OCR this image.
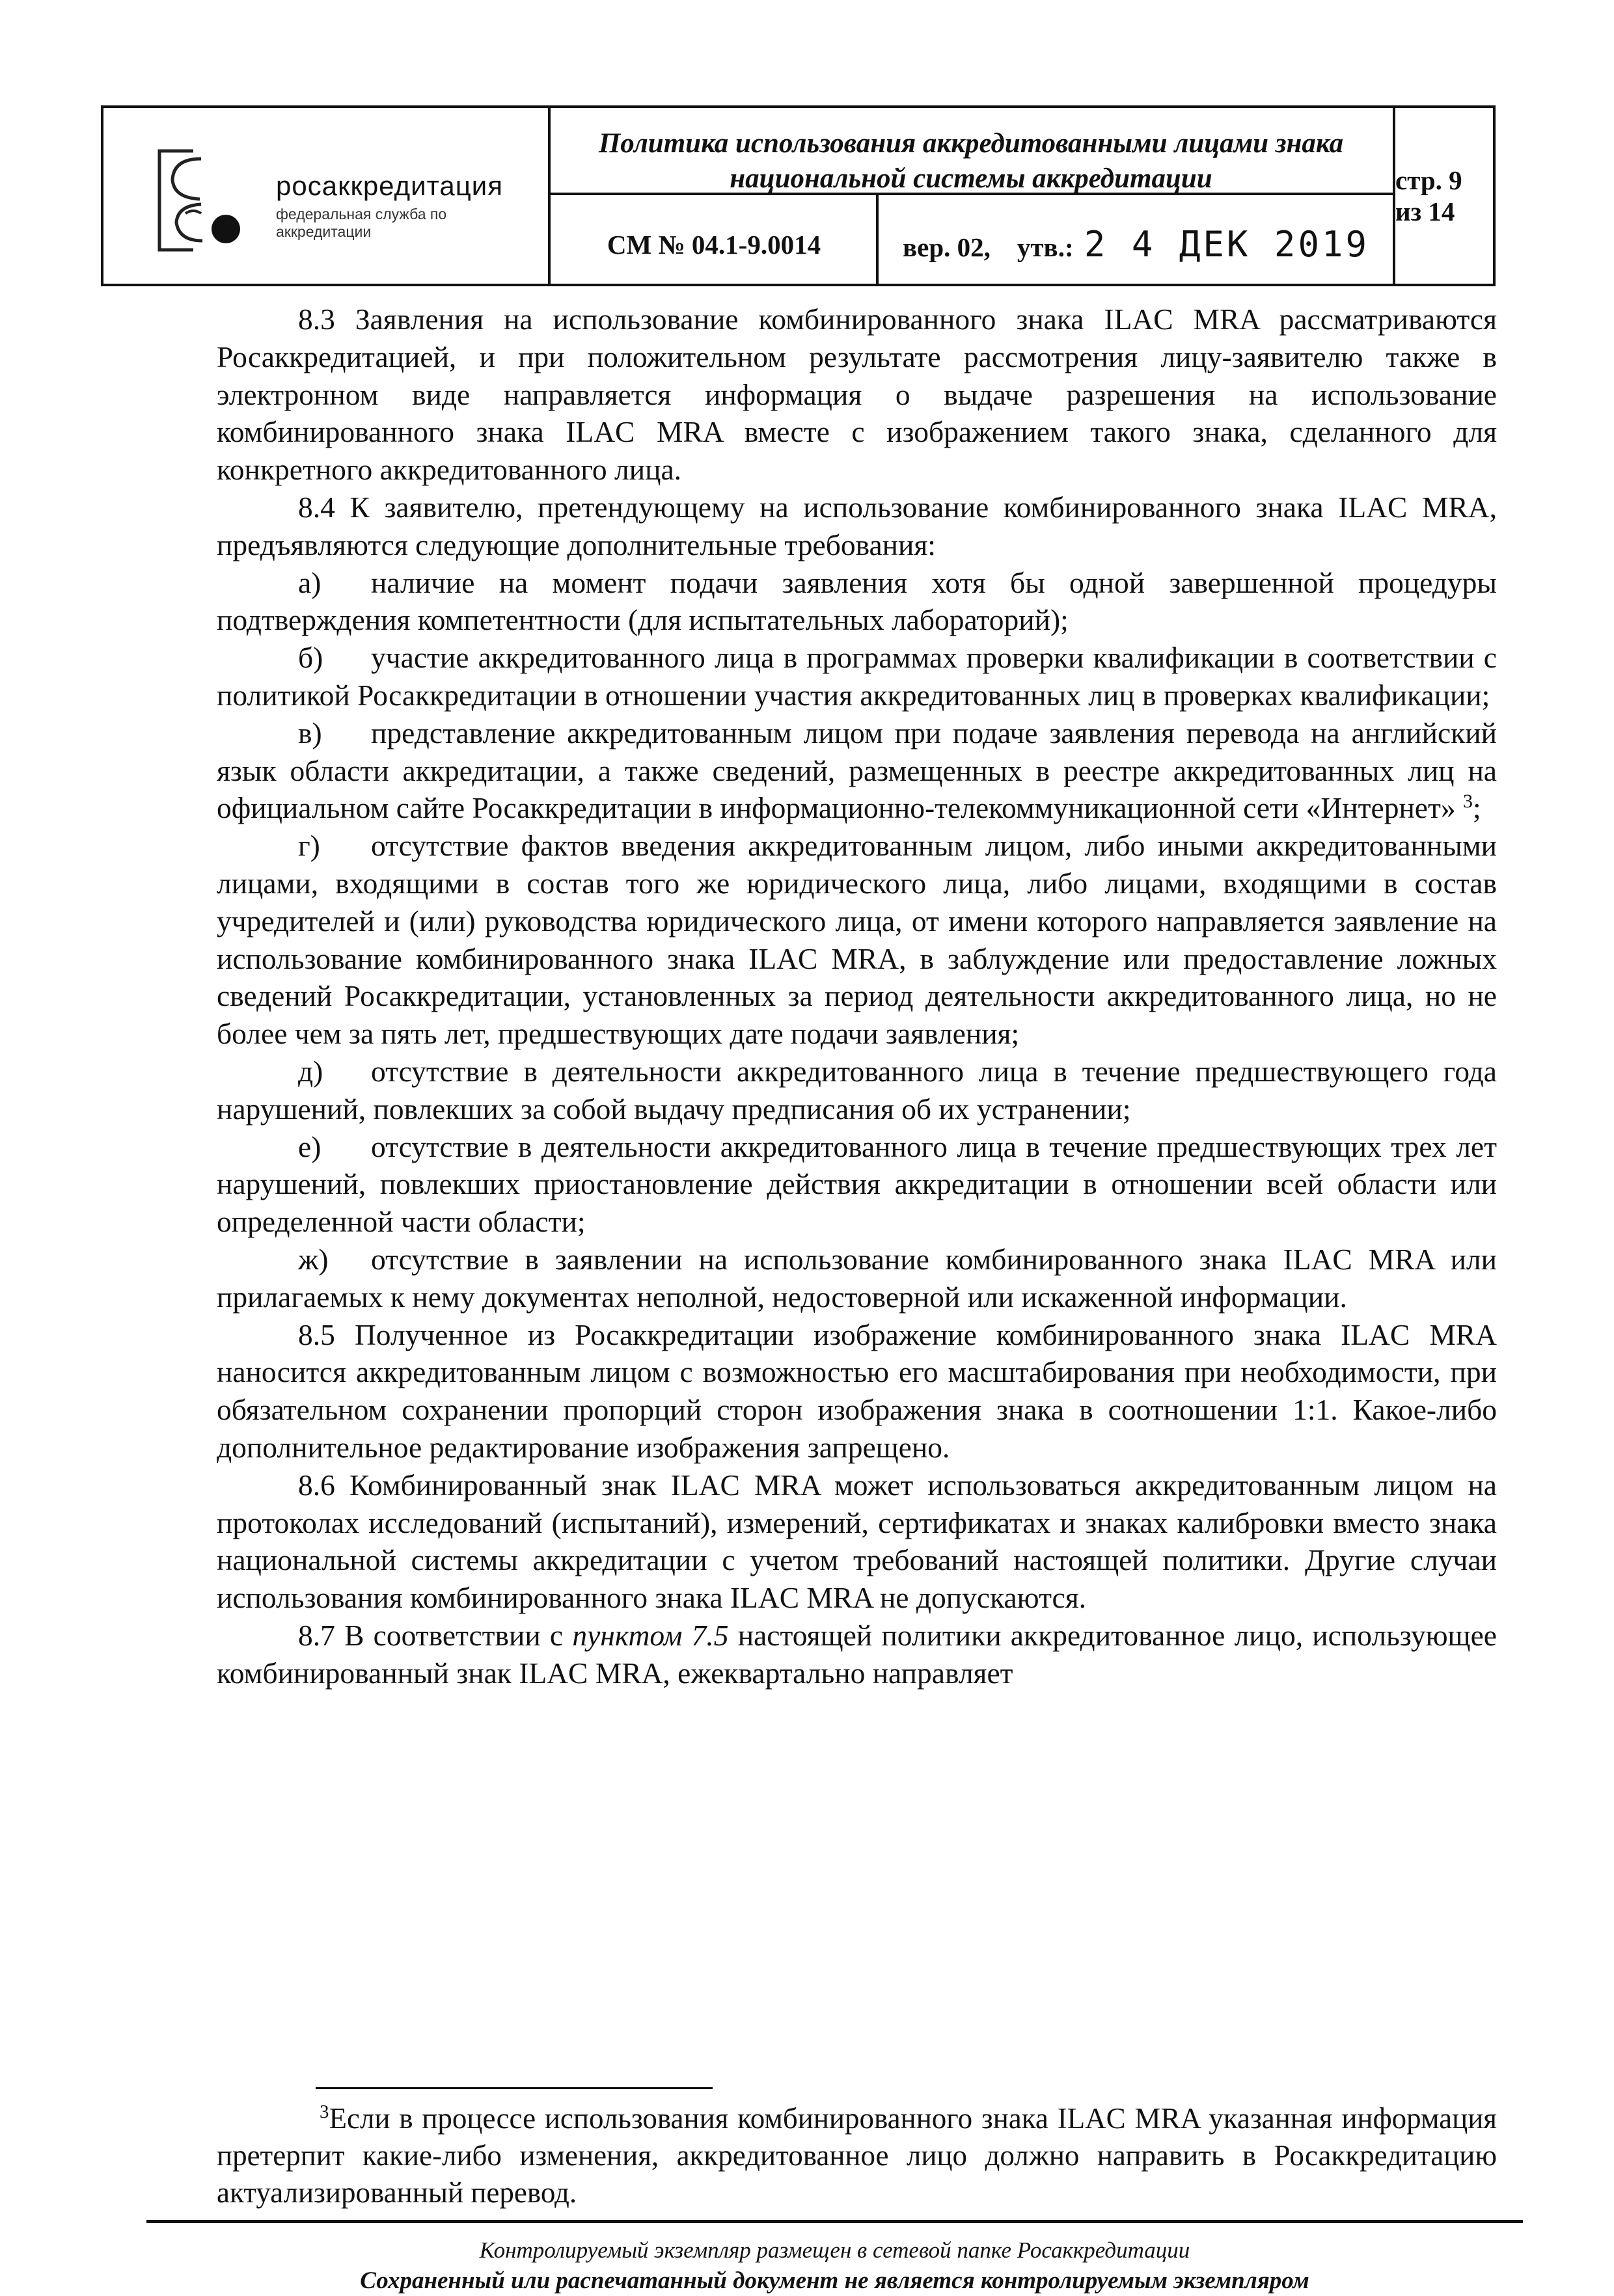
росаккредитация
федеральная служба по аккредитации
Политика использования аккредитованными лицами знака национальной системы аккредитации
СМ № 04.1-9.0014	вер. 02, утв.: 2 4 ДЕК 2019
стр. 9 из 14

8.3 Заявления на использование комбинированного знака ILAC MRA рассматриваются Росаккредитацией, и при положительном результате рассмотрения лицу-заявителю также в электронном виде направляется информация о выдаче разрешения на использование комбинированного знака ILAC MRA вместе с изображением такого знака, сделанного для конкретного аккредитованного лица.

8.4 К заявителю, претендующему на использование комбинированного знака ILAC MRA, предъявляются следующие дополнительные требования:

а) наличие на момент подачи заявления хотя бы одной завершенной процедуры подтверждения компетентности (для испытательных лабораторий);

б) участие аккредитованного лица в программах проверки квалификации в соответствии с политикой Росаккредитации в отношении участия аккредитованных лиц в проверках квалификации;

в) представление аккредитованным лицом при подаче заявления перевода на английский язык области аккредитации, а также сведений, размещенных в реестре аккредитованных лиц на официальном сайте Росаккредитации в информационно-телекоммуникационной сети «Интернет» $^3$;

г) отсутствие фактов введения аккредитованным лицом, либо иными аккредитованными лицами, входящими в состав того же юридического лица, либо лицами, входящими в состав учредителей и (или) руководства юридического лица, от имени которого направляется заявление на использование комбинированного знака ILAC MRA, в заблуждение или предоставление ложных сведений Росаккредитации, установленных за период деятельности аккредитованного лица, но не более чем за пять лет, предшествующих дате подачи заявления;

д) отсутствие в деятельности аккредитованного лица в течение предшествующего года нарушений, повлекших за собой выдачу предписания об их устранении;

е) отсутствие в деятельности аккредитованного лица в течение предшествующих трех лет нарушений, повлекших приостановление действия аккредитации в отношении всей области или определенной части области;

ж) отсутствие в заявлении на использование комбинированного знака ILAC MRA или прилагаемых к нему документах неполной, недостоверной или искаженной информации.

8.5 Полученное из Росаккредитации изображение комбинированного знака ILAC MRA наносится аккредитованным лицом с возможностью его масштабирования при необходимости, при обязательном сохранении пропорций сторон изображения знака в соотношении 1:1. Какое-либо дополнительное редактирование изображения запрещено.

8.6 Комбинированный знак ILAC MRA может использоваться аккредитованным лицом на протоколах исследований (испытаний), измерений, сертификатах и знаках калибровки вместо знака национальной системы аккредитации с учетом требований настоящей политики. Другие случаи использования комбинированного знака ILAC MRA не допускаются.

8.7 В соответствии с пунктом 7.5 настоящей политики аккредитованное лицо, использующее комбинированный знак ILAC MRA, ежеквартально направляет

$^3$Если в процессе использования комбинированного знака ILAC MRA указанная информация претерпит какие-либо изменения, аккредитованное лицо должно направить в Росаккредитацию актуализированный перевод.
Контролируемый экземпляр размещен в сетевой папке Росаккредитации
Сохраненный или распечатанный документ не является контролируемым экземпляром
